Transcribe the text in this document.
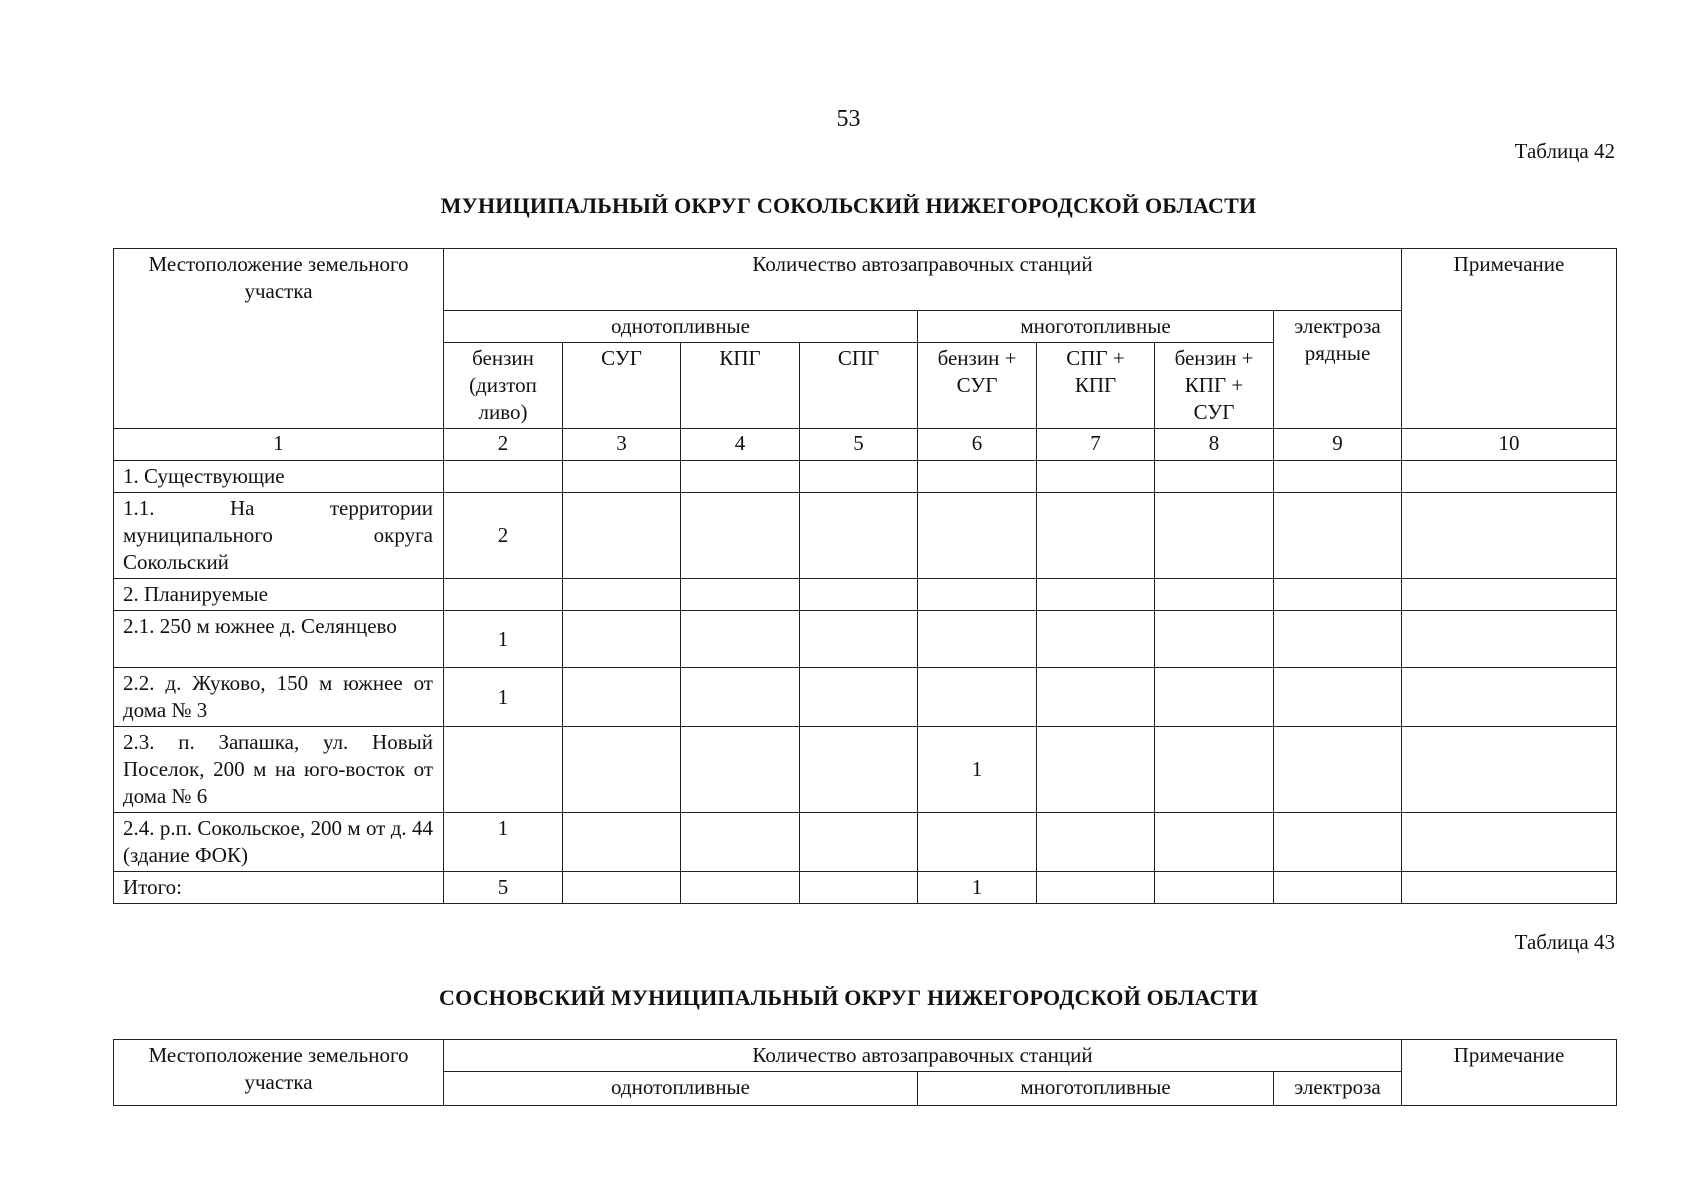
53
Таблица 42
МУНИЦИПАЛЬНЫЙ ОКРУГ СОКОЛЬСКИЙ НИЖЕГОРОДСКОЙ ОБЛАСТИ
Местоположение земельного участка	Количество автозаправочных станций								Примечание
	однотопливные				многотопливные			электроза рядные	
	бензин (дизтоп ливо)	СУГ	КПГ	СПГ	бензин + СУГ	СПГ + КПГ	бензин + КПГ + СУГ		
1	2	3	4	5	6	7	8	9	10
1. Существующие									
1.1. На территории муниципального округа Сокольский	2								
2. Планируемые									
2.1. 250 м южнее д. Селянцево	1								
2.2. д. Жуково, 150 м южнее от дома № 3	1								
2.3. п. Запашка, ул. Новый Поселок, 200 м на юго-восток от дома № 6					1				
2.4. р.п. Сокольское, 200 м от д. 44 (здание ФОК)	1								
Итого:	5				1				
Таблица 43
СОСНОВСКИЙ МУНИЦИПАЛЬНЫЙ ОКРУГ НИЖЕГОРОДСКОЙ ОБЛАСТИ
Местоположение земельного участка	Количество автозаправочных станций			Примечание
	однотопливные	многотопливные	электроза	
